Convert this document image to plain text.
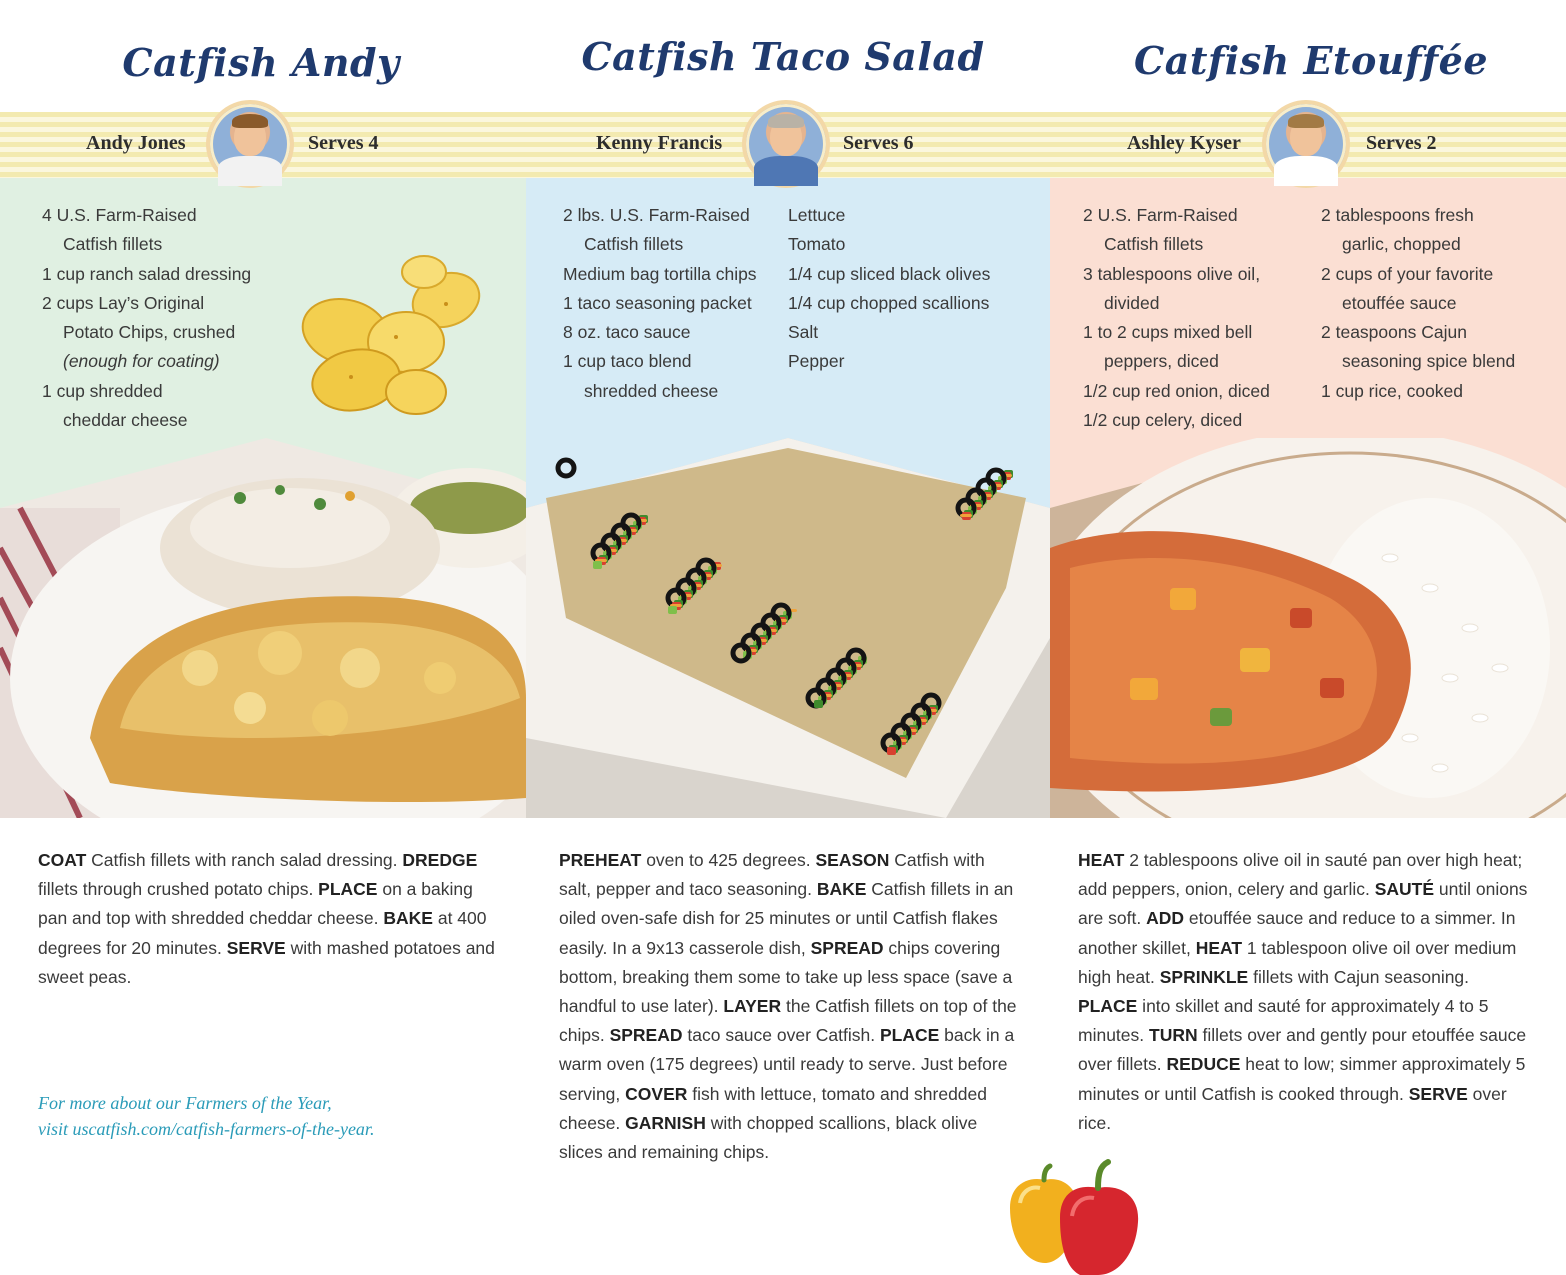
Catfish Andy	Catfish Taco Salad	Catfish Etouffée
Andy Jones	Serves 4	Kenny Francis	Serves 6	Ashley Kyser	Serves 2
4 U.S. Farm-Raised
Catfish fillets
1 cup ranch salad dressing
2 cups Lay’s Original
Potato Chips, crushed
(enough for coating)
1 cup shredded
cheddar cheese
2 lbs. U.S. Farm-Raised
Catfish fillets
Medium bag tortilla chips
1 taco seasoning packet
8 oz. taco sauce
1 cup taco blend
shredded cheese
Lettuce
Tomato
1/4 cup sliced black olives
1/4 cup chopped scallions
Salt
Pepper
2 U.S. Farm-Raised
Catfish fillets
3 tablespoons olive oil,
divided
1 to 2 cups mixed bell
peppers, diced
1/2 cup red onion, diced
1/2 cup celery, diced
2 tablespoons fresh
garlic, chopped
2 cups of your favorite
etouffée sauce
2 teaspoons Cajun
seasoning spice blend
1 cup rice, cooked
COAT Catfish fillets with ranch salad dressing. DREDGE fillets through crushed potato chips. PLACE on a baking pan and top with shredded cheddar cheese. BAKE at 400 degrees for 20 minutes. SERVE with mashed potatoes and sweet peas.
PREHEAT oven to 425 degrees. SEASON Catfish with salt, pepper and taco seasoning. BAKE Catfish fillets in an oiled oven-safe dish for 25 minutes or until Catfish flakes easily. In a 9x13 casserole dish, SPREAD chips covering bottom, breaking them some to take up less space (save a handful to use later). LAYER the Catfish fillets on top of the chips. SPREAD taco sauce over Catfish. PLACE back in a warm oven (175 degrees) until ready to serve. Just before serving, COVER fish with lettuce, tomato and shredded cheese. GARNISH with chopped scallions, black olive slices and remaining chips.
HEAT 2 tablespoons olive oil in sauté pan over high heat; add peppers, onion, celery and garlic. SAUTÉ until onions are soft. ADD etouffée sauce and reduce to a simmer. In another skillet, HEAT 1 tablespoon olive oil over medium high heat. SPRINKLE fillets with Cajun seasoning. PLACE into skillet and sauté for approximately 4 to 5 minutes. TURN fillets over and gently pour etouffée sauce over fillets. REDUCE heat to low; simmer approximately 5 minutes or until Catfish is cooked through. SERVE over rice.
For more about our Farmers of the Year,
visit uscatfish.com/catfish-farmers-of-the-year.
